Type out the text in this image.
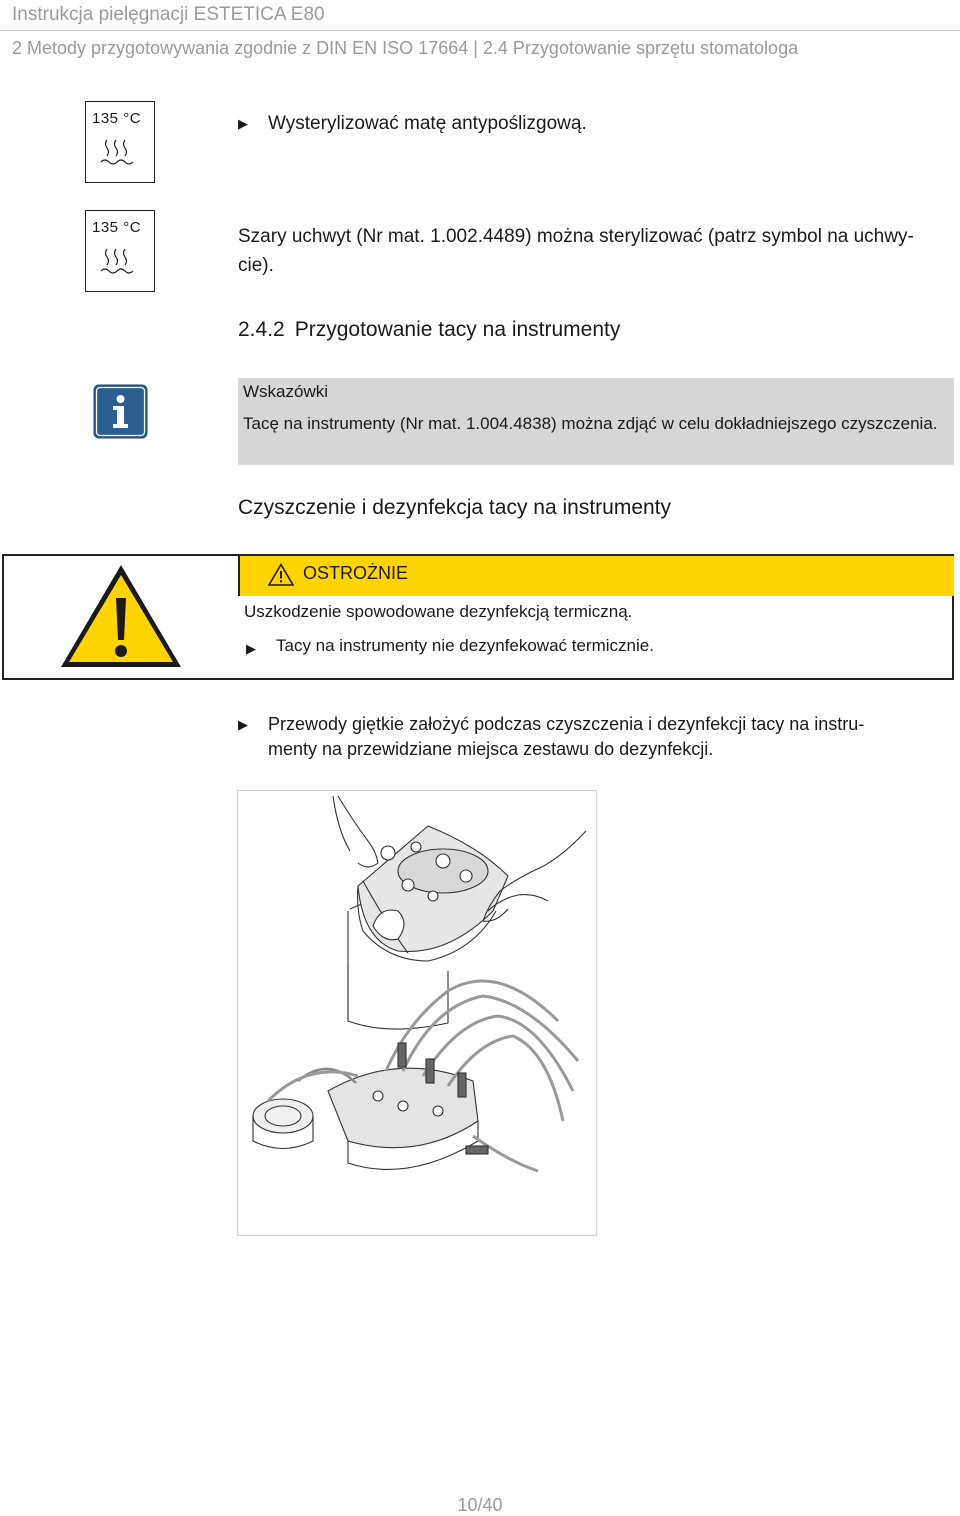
Instrukcja pielęgnacji ESTETICA E80
2 Metody przygotowywania zgodnie z DIN EN ISO 17664 | 2.4 Przygotowanie sprzętu stomatologa
135 °C	▶ Wysterylizować matę antypoślizgową.
135 °C	Szary uchwyt (Nr mat. 1.002.4489) można sterylizować (patrz symbol na uchwy-
cie).
2.4.2 Przygotowanie tacy na instrumenty
Wskazówki
Tacę na instrumenty (Nr mat. 1.004.4838) można zdjąć w celu dokładniejszego czyszczenia.
Czyszczenie i dezynfekcja tacy na instrumenty
OSTROŻNIE
Uszkodzenie spowodowane dezynfekcją termiczną.
▶ Tacy na instrumenty nie dezynfekować termicznie.
▶ Przewody giętkie założyć podczas czyszczenia i dezynfekcji tacy na instru-
menty na przewidziane miejsca zestawu do dezynfekcji.
10/40
